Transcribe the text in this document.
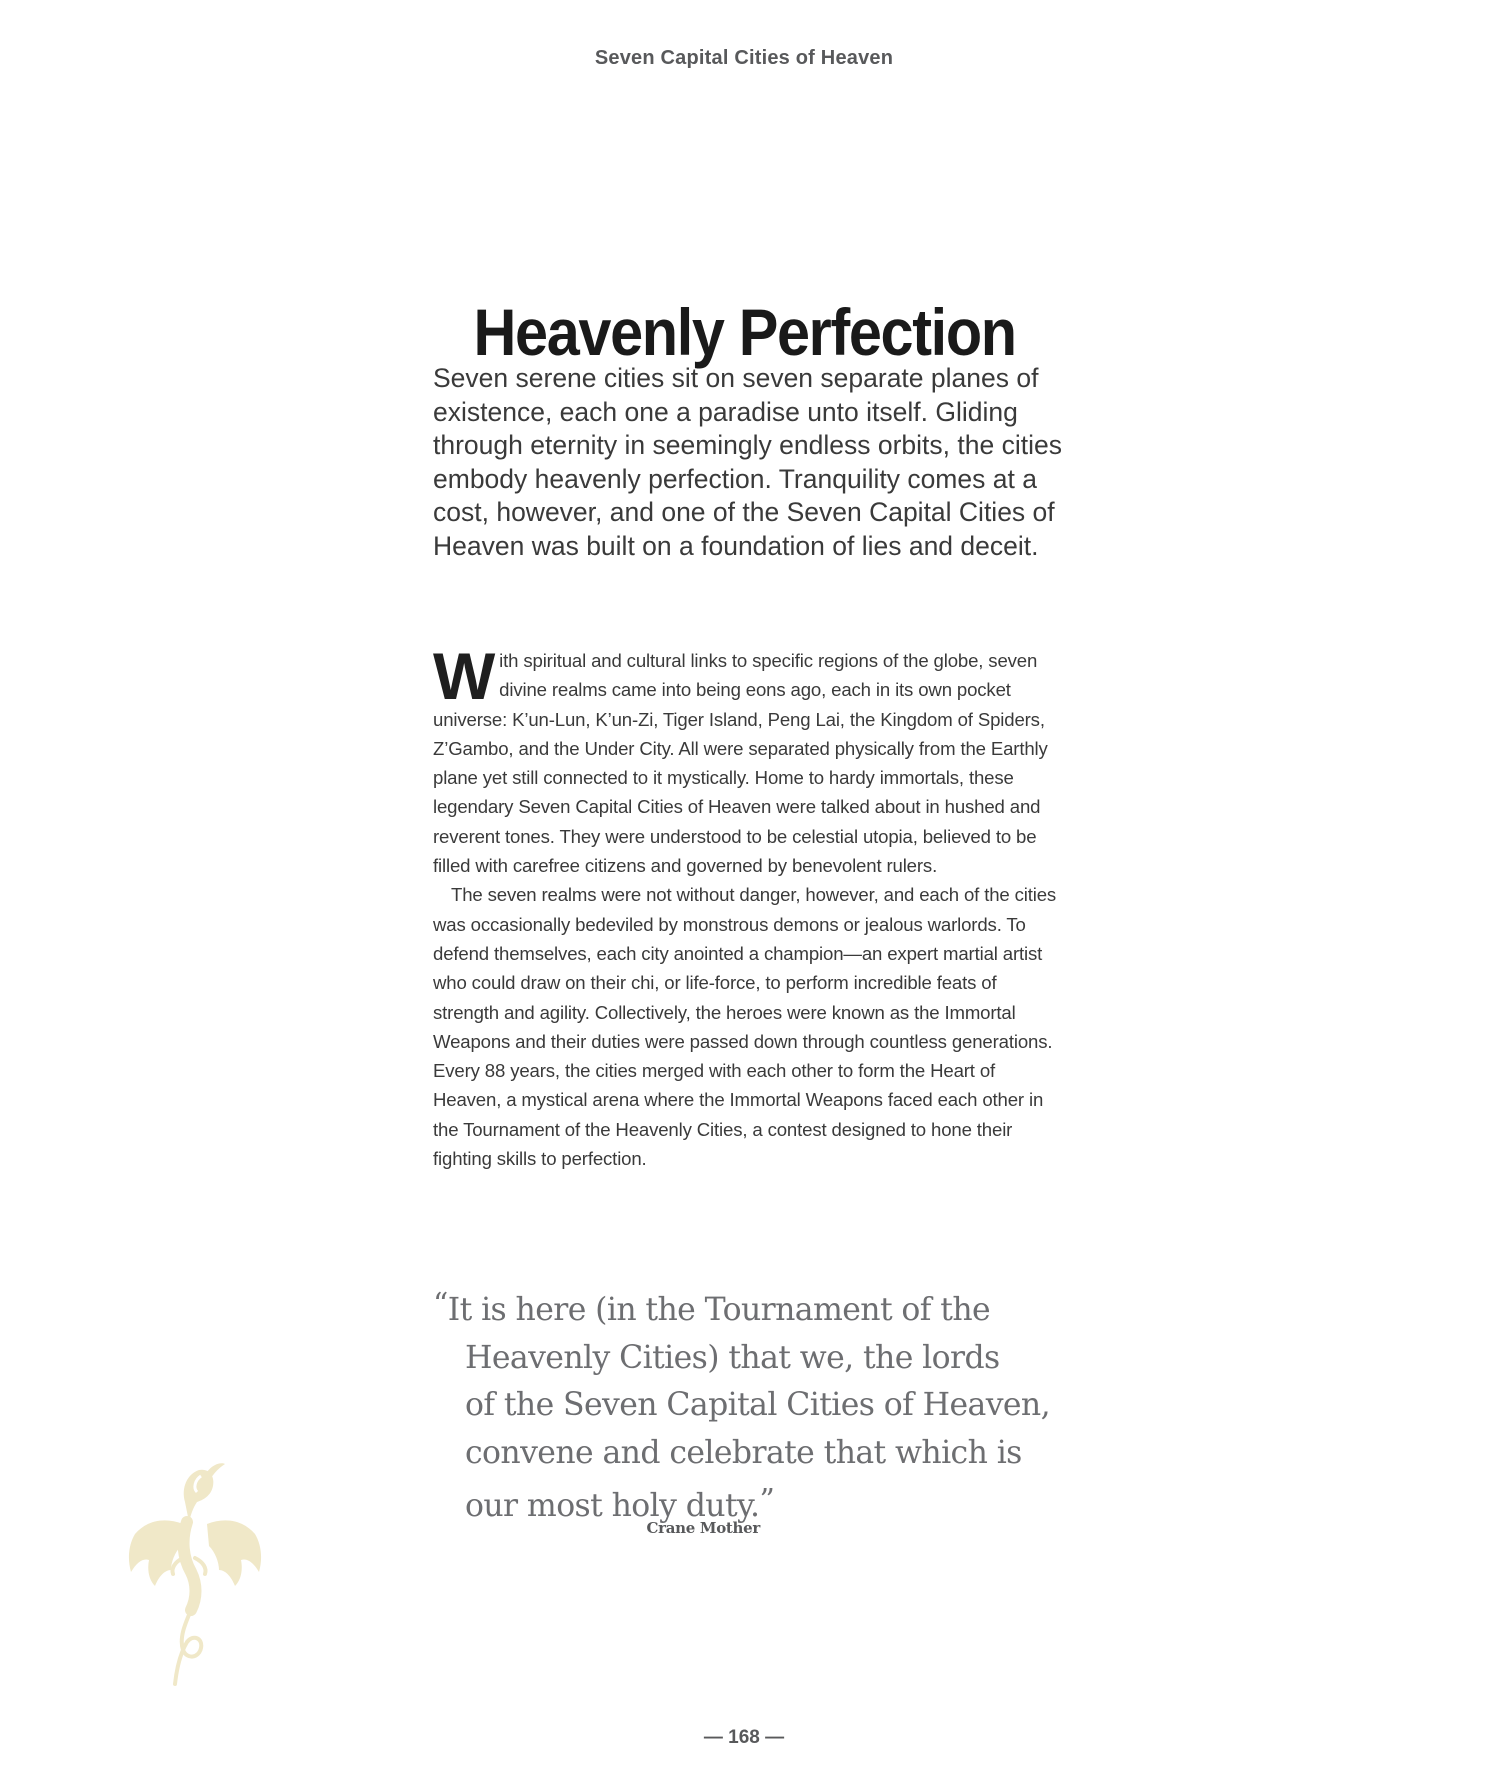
Seven Capital Cities of Heaven
Heavenly Perfection

Seven serene cities sit on seven separate planes of existence, each one a paradise unto itself. Gliding through eternity in seemingly endless orbits, the cities embody heavenly perfection. Tranquility comes at a cost, however, and one of the Seven Capital Cities of Heaven was built on a foundation of lies and deceit.

With spiritual and cultural links to specific regions of the globe, seven divine realms came into being eons ago, each in its own pocket universe: K’un-Lun, K’un-Zi, Tiger Island, Peng Lai, the Kingdom of Spiders, Z’Gambo, and the Under City. All were separated physically from the Earthly plane yet still connected to it mystically. Home to hardy immortals, these legendary Seven Capital Cities of Heaven were talked about in hushed and reverent tones. They were understood to be celestial utopia, believed to be filled with carefree citizens and governed by benevolent rulers.

The seven realms were not without danger, however, and each of the cities was occasionally bedeviled by monstrous demons or jealous warlords. To defend themselves, each city anointed a champion—an expert martial artist who could draw on their chi, or life-force, to perform incredible feats of strength and agility. Collectively, the heroes were known as the Immortal Weapons and their duties were passed down through countless generations. Every 88 years, the cities merged with each other to form the Heart of Heaven, a mystical arena where the Immortal Weapons faced each other in the Tournament of the Heavenly Cities, a contest designed to hone their fighting skills to perfection.

“It is here (in the Tournament of the
Heavenly Cities) that we, the lords
of the Seven Capital Cities of Heaven,
convene and celebrate that which is
our most holy duty.”
Crane Mother
— 168 —
